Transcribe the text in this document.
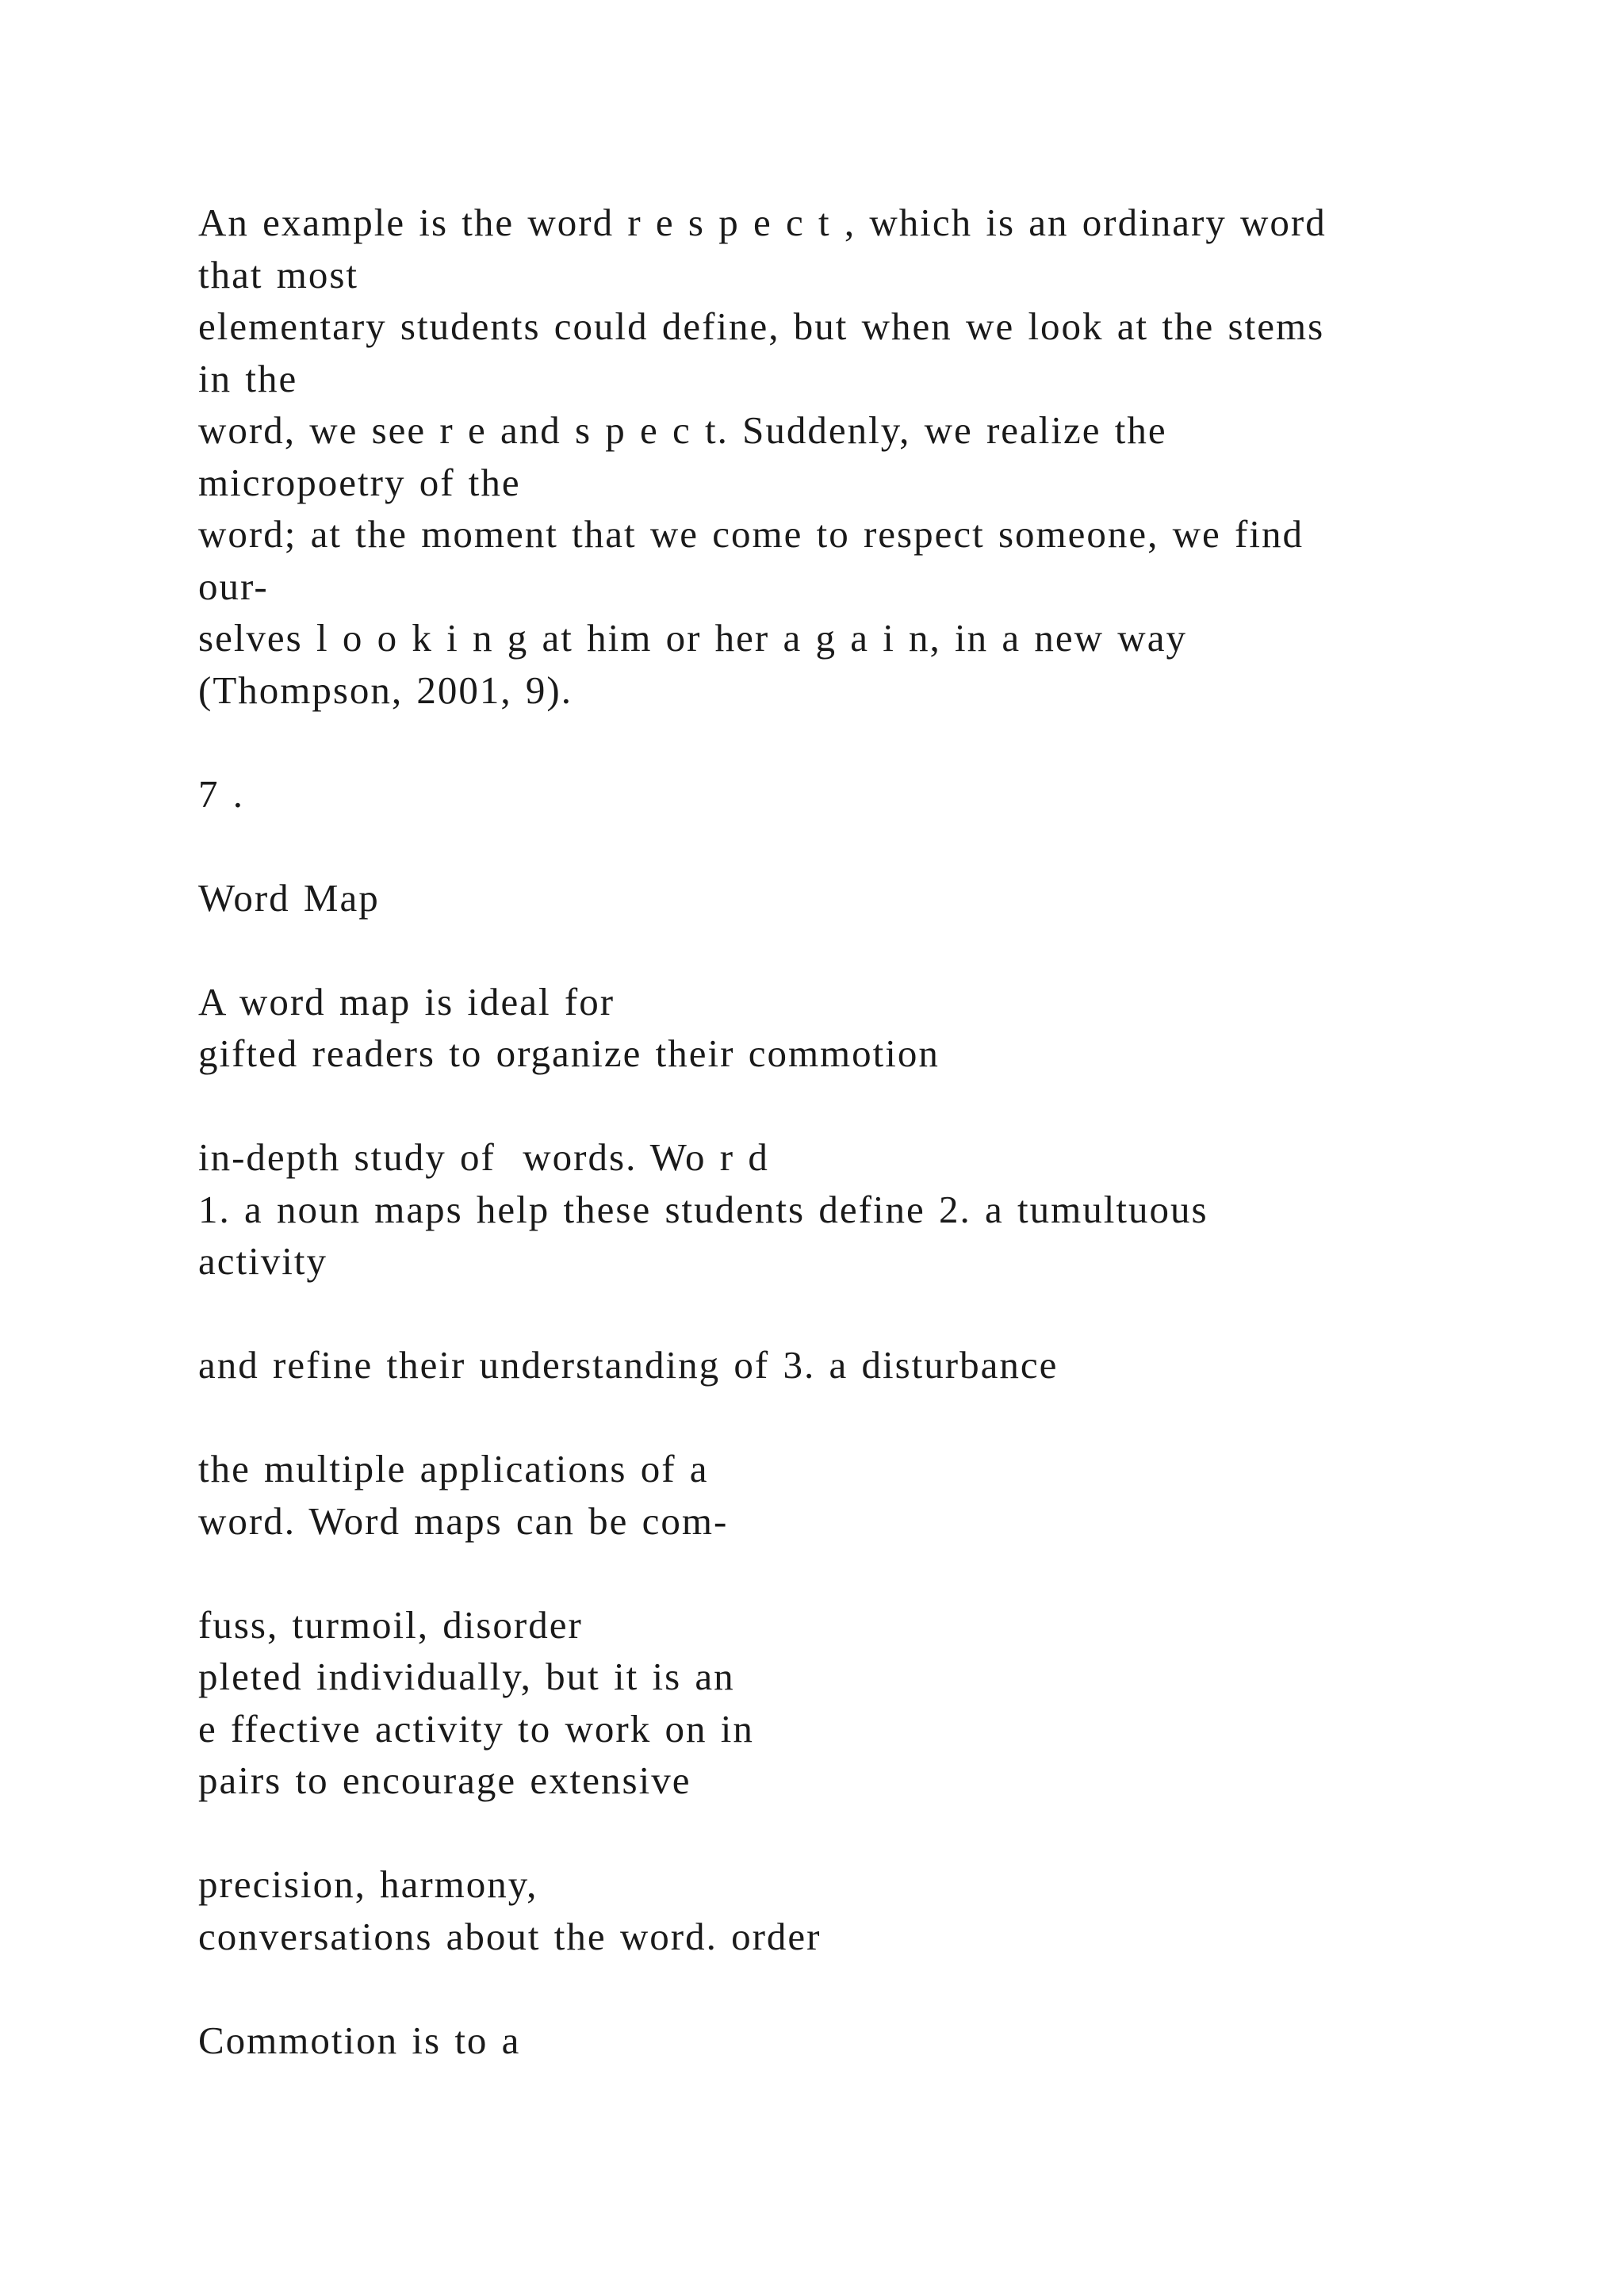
An example is the word r e s p e c t , which is an ordinary word
that most
elementary students could define, but when we look at the stems
in the
word, we see r e and s p e c t. Suddenly, we realize the
micropoetry of the
word; at the moment that we come to respect someone, we find
our-
selves l o o k i n g at him or her a g a i n, in a new way
(Thompson, 2001, 9).
7 .
Word Map
A word map is ideal for
gifted readers to organize their commotion
in-depth study of  words. Wo r d
1. a noun maps help these students define 2. a tumultuous
activity
and refine their understanding of 3. a disturbance
the multiple applications of a
word. Word maps can be com-
fuss, turmoil, disorder
pleted individually, but it is an
e ffective activity to work on in
pairs to encourage extensive
precision, harmony,
conversations about the word. order
Commotion is to a
